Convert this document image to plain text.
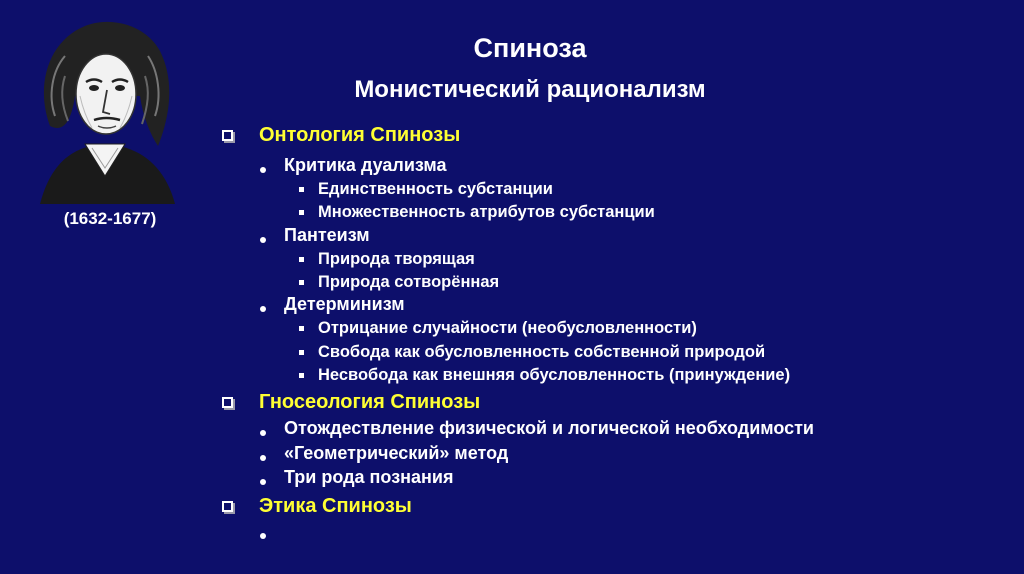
(1632-1677)
Спиноза
Монистический рационализм
Онтология Спинозы
Критика дуализма
Единственность субстанции
Множественность атрибутов субстанции
Пантеизм
Природа творящая
Природа сотворённая
Детерминизм
Отрицание случайности (необусловленности)
Свобода как обусловленность собственной природой
Несвобода как внешняя обусловленность (принуждение)
Гносеология Спинозы
Отождествление физической и логической необходимости
«Геометрический» метод
Три рода познания
Этика Спинозы
